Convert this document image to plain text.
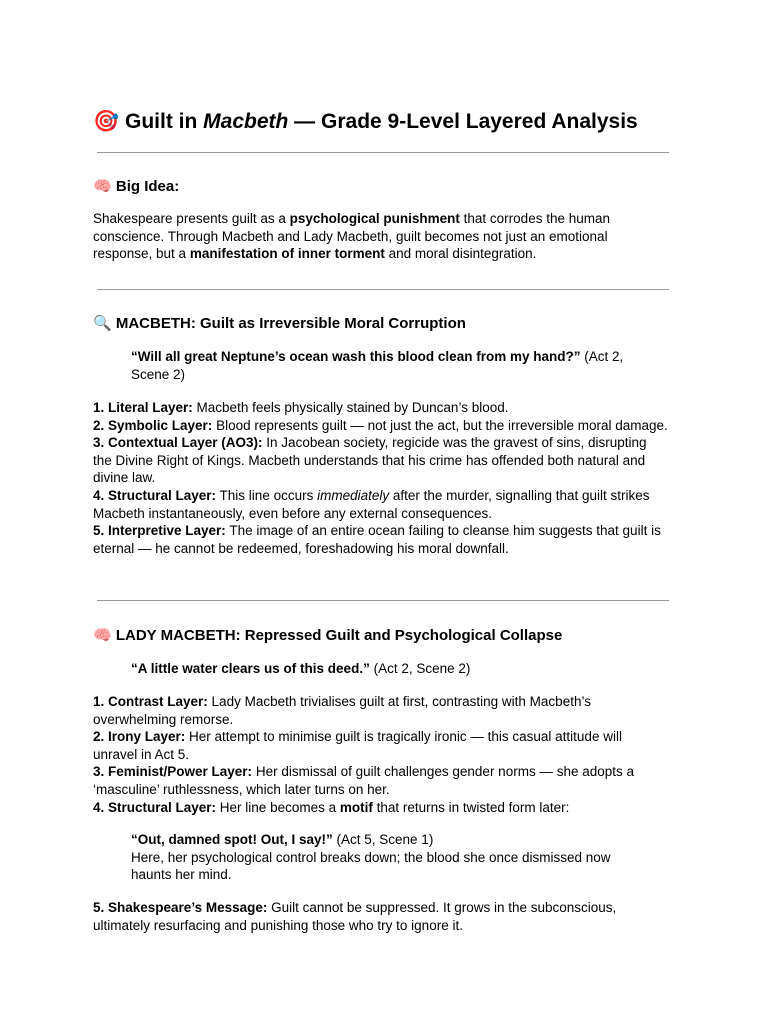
🎯 Guilt in Macbeth — Grade 9-Level Layered Analysis
🧠 Big Idea:

Shakespeare presents guilt as a psychological punishment that corrodes the human conscience. Through Macbeth and Lady Macbeth, guilt becomes not just an emotional response, but a manifestation of inner torment and moral disintegration.

🔍 MACBETH: Guilt as Irreversible Moral Corruption

“Will all great Neptune’s ocean wash this blood clean from my hand?” (Act 2, Scene 2)

1. Literal Layer: Macbeth feels physically stained by Duncan’s blood.

2. Symbolic Layer: Blood represents guilt — not just the act, but the irreversible moral damage.

3. Contextual Layer (AO3): In Jacobean society, regicide was the gravest of sins, disrupting the Divine Right of Kings. Macbeth understands that his crime has offended both natural and divine law.

4. Structural Layer: This line occurs immediately after the murder, signalling that guilt strikes Macbeth instantaneously, even before any external consequences.

5. Interpretive Layer: The image of an entire ocean failing to cleanse him suggests that guilt is eternal — he cannot be redeemed, foreshadowing his moral downfall.

🧠 LADY MACBETH: Repressed Guilt and Psychological Collapse

“A little water clears us of this deed.” (Act 2, Scene 2)

1. Contrast Layer: Lady Macbeth trivialises guilt at first, contrasting with Macbeth’s overwhelming remorse.

2. Irony Layer: Her attempt to minimise guilt is tragically ironic — this casual attitude will unravel in Act 5.

3. Feminist/Power Layer: Her dismissal of guilt challenges gender norms — she adopts a ‘masculine’ ruthlessness, which later turns on her.

4. Structural Layer: Her line becomes a motif that returns in twisted form later:

“Out, damned spot! Out, I say!” (Act 5, Scene 1)

Here, her psychological control breaks down; the blood she once dismissed now haunts her mind.

5. Shakespeare’s Message: Guilt cannot be suppressed. It grows in the subconscious, ultimately resurfacing and punishing those who try to ignore it.
